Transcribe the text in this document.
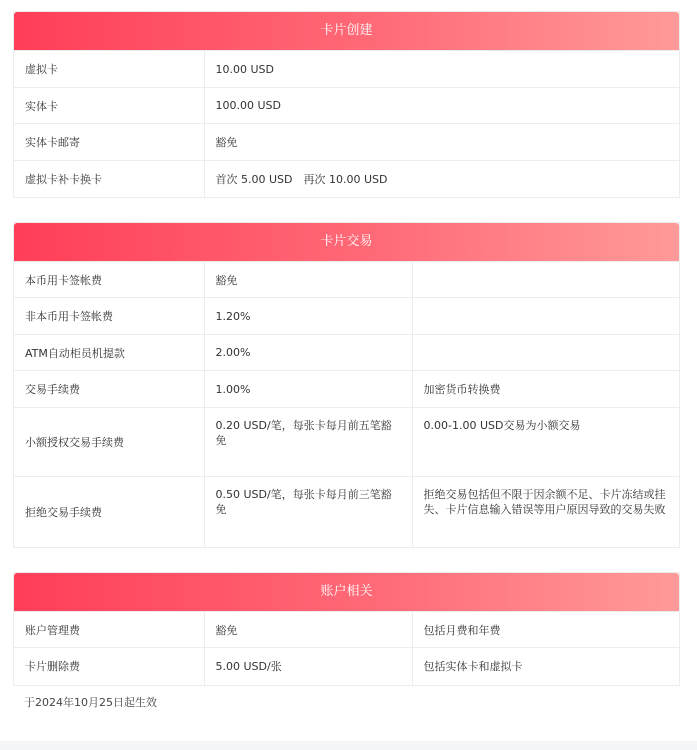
卡片创建
虚拟卡	10.00 USD
实体卡	100.00 USD
实体卡邮寄	豁免
虚拟卡补卡换卡	首次 5.00 USD　再次 10.00 USD
卡片交易
本币用卡签帐费	豁免	
非本币用卡签帐费	1.20%	
ATM自动柜员机提款	2.00%	
交易手续费	1.00%	加密货币转换费
小额授权交易手续费	0.20 USD/笔，每张卡每月前五笔豁免	0.00-1.00 USD交易为小额交易
拒绝交易手续费	0.50 USD/笔，每张卡每月前三笔豁免	拒绝交易包括但不限于因余额不足、卡片冻结或挂失、卡片信息输入错误等用户原因导致的交易失败
账户相关
账户管理费	豁免	包括月费和年费
卡片删除费	5.00 USD/张	包括实体卡和虚拟卡
于2024年10月25日起生效
